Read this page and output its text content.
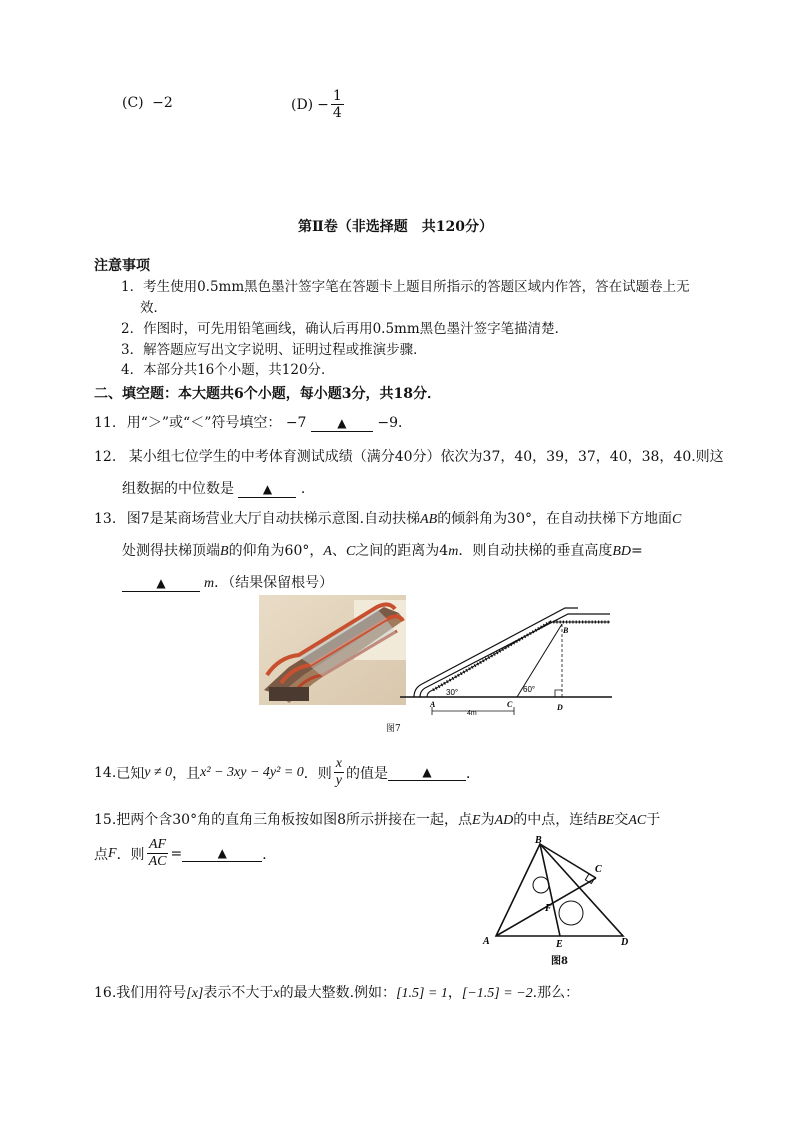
(C) −2	$(D) - \frac{1}{4}$
第Ⅱ卷（非选择题　共120分）
注意事项
1．考生使用0.5mm黑色墨汁签字笔在答题卡上题目所指示的答题区域内作答，答在试题卷上无
效．
2．作图时，可先用铅笔画线，确认后再用0.5mm黑色墨汁签字笔描清楚．
3．解答题应写出文字说明、证明过程或推演步骤．
4．本部分共16个小题，共120分．
二、填空题：本大题共6个小题，每小题3分，共18分．
11. 用“＞”或“＜”符号填空： −7	▲ −9．
12. 某小组七位学生的中考体育测试成绩（满分40分）依次为37，40，39，37，40，38，40.则这
组数据的中位数是 ▲ .
13. 图7是某商场营业大厅自动扶梯示意图.自动扶梯AB的倾斜角为30°，在自动扶梯下方地面C
处测得扶梯顶端B的仰角为60°，A、C之间的距离为4m．则自动扶梯的垂直高度BD=
▲	m．（结果保留根号）
B
30°	60°
A	C	D
4m
图7
14. 已知 y ≠ 0 ，且 x² − 3xy − 4y² = 0 ．则 $\frac{x}{y}$ 的值是	▲	．
15.把两个含30°角的直角三角板按如图8所示拼接在一起，点E为AD的中点，连结BE交AC于
点 F ．则 $\frac{AF}{AC}$ =	▲	．
B
C
F
A	E	D
图8
16.我们用符号[x]表示不大于x的最大整数.例如：[1.5] = 1，[−1.5] = −2.那么：
